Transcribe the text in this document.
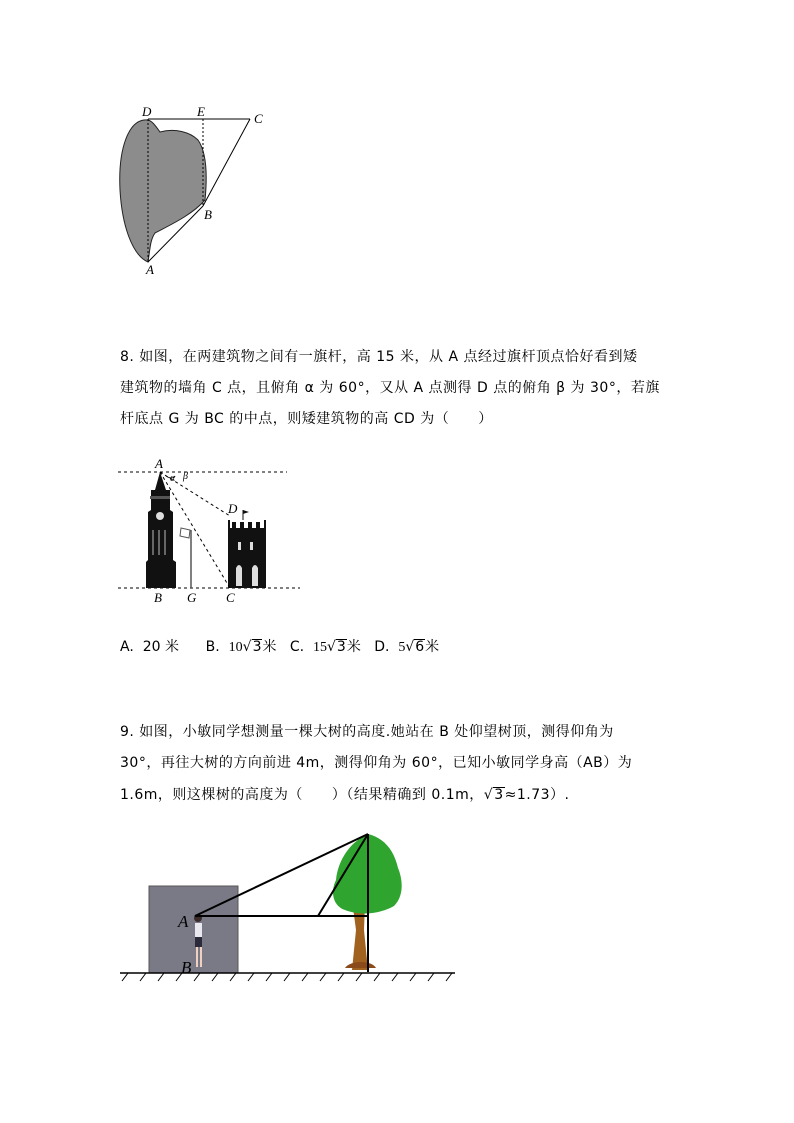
D	E	C
B
A
8. 如图，在两建筑物之间有一旗杆，高 15 米，从 A 点经过旗杆顶点恰好看到矮
建筑物的墙角 C 点，且俯角 α 为 60°，又从 A 点测得 D 点的俯角 β 为 30°，若旗
杆底点 G 为 BC 的中点，则矮建筑物的高 CD 为（　　）
A
α β
D
B G C
A. 20 米 B. 10√3米 C. 15√3米 D. 5√6米
9. 如图，小敏同学想测量一棵大树的高度.她站在 B 处仰望树顶，测得仰角为
30°，再往大树的方向前进 4m，测得仰角为 60°，已知小敏同学身高（AB）为
1.6m，则这棵树的高度为（　　）（结果精确到 0.1m，√3≈1.73）.
A
B
